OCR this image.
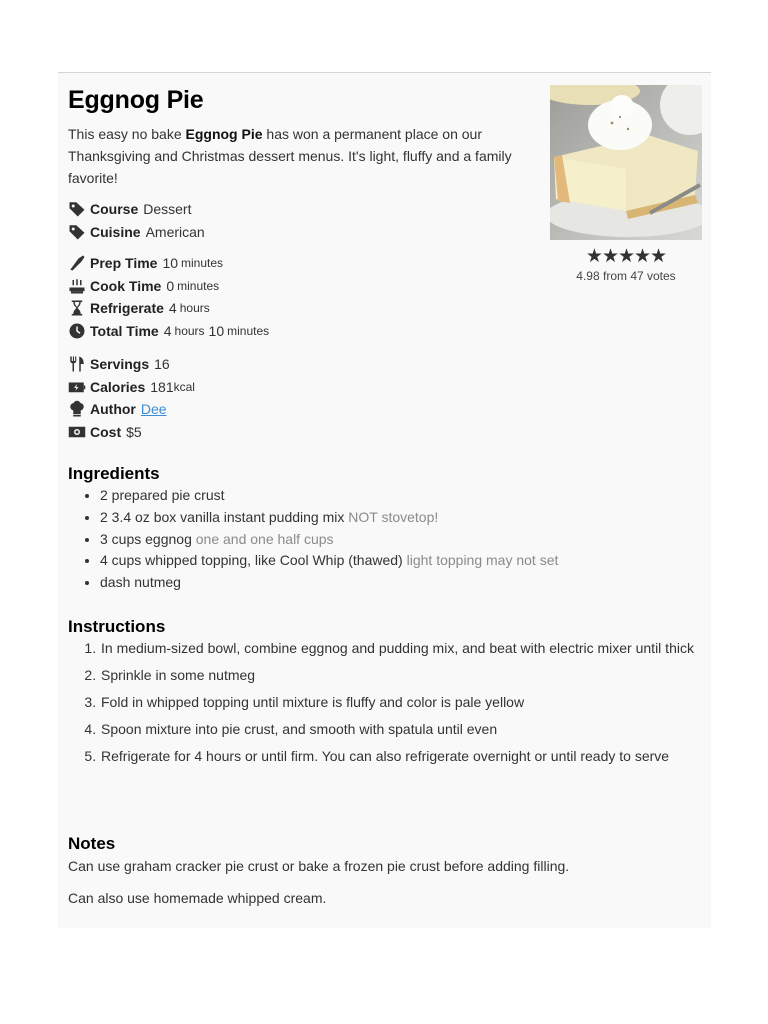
Eggnog Pie
This easy no bake Eggnog Pie has won a permanent place on our Thanksgiving and Christmas dessert menus. It's light, fluffy and a family favorite!
★★★★★
4.98 from 47 votes
Course Dessert
Cuisine American
Prep Time 10 minutes
Cook Time 0 minutes
Refrigerate 4 hours
Total Time 4 hours 10 minutes
Servings 16
Calories 181 kcal
Author Dee
Cost $5
Ingredients
• 2 prepared pie crust
• 2 3.4 oz box vanilla instant pudding mix NOT stovetop!
• 3 cups eggnog one and one half cups
• 4 cups whipped topping, like Cool Whip (thawed) light topping may not set
• dash nutmeg
Instructions
1. In medium-sized bowl, combine eggnog and pudding mix, and beat with electric mixer until thick
2. Sprinkle in some nutmeg
3. Fold in whipped topping until mixture is fluffy and color is pale yellow
4. Spoon mixture into pie crust, and smooth with spatula until even
5. Refrigerate for 4 hours or until firm. You can also refrigerate overnight or until ready to serve
Notes

Can use graham cracker pie crust or bake a frozen pie crust before adding filling.

Can also use homemade whipped cream.
